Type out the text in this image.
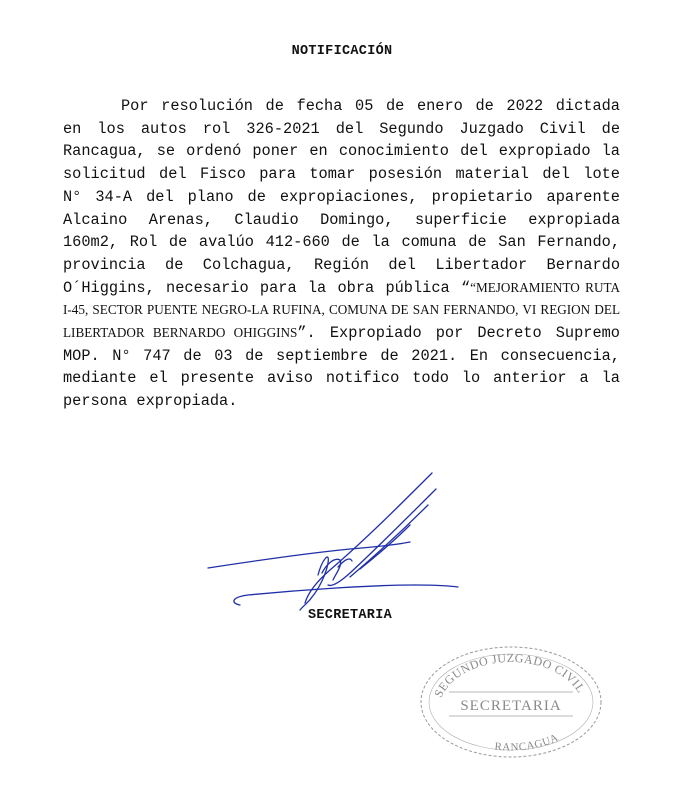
NOTIFICACIÓN
Por resolución de fecha 05 de enero de 2022 dictada
en los autos rol 326-2021 del Segundo Juzgado Civil de
Rancagua, se ordenó poner en conocimiento del expropiado la
solicitud del Fisco para tomar posesión material del lote
N° 34-A del plano de expropiaciones, propietario aparente
Alcaino Arenas, Claudio Domingo, superficie expropiada
160m2, Rol de avalúo 412-660 de la comuna de San Fernando,
provincia de Colchagua, Región del Libertador Bernardo
O´Higgins, necesario para la obra pública ““MEJORAMIENTO RUTA
I-45, SECTOR PUENTE NEGRO-LA RUFINA, COMUNA DE SAN FERNANDO, VI REGION DEL
LIBERTADOR BERNARDO OHIGGINS”. Expropiado por Decreto Supremo
MOP. N° 747 de 03 de septiembre de 2021. En consecuencia,
mediante el presente aviso notifico todo lo anterior a la
persona expropiada.
SECRETARIA
SEGUNDO JUZGADO CIVIL
SECRETARIA
RANCAGUA
